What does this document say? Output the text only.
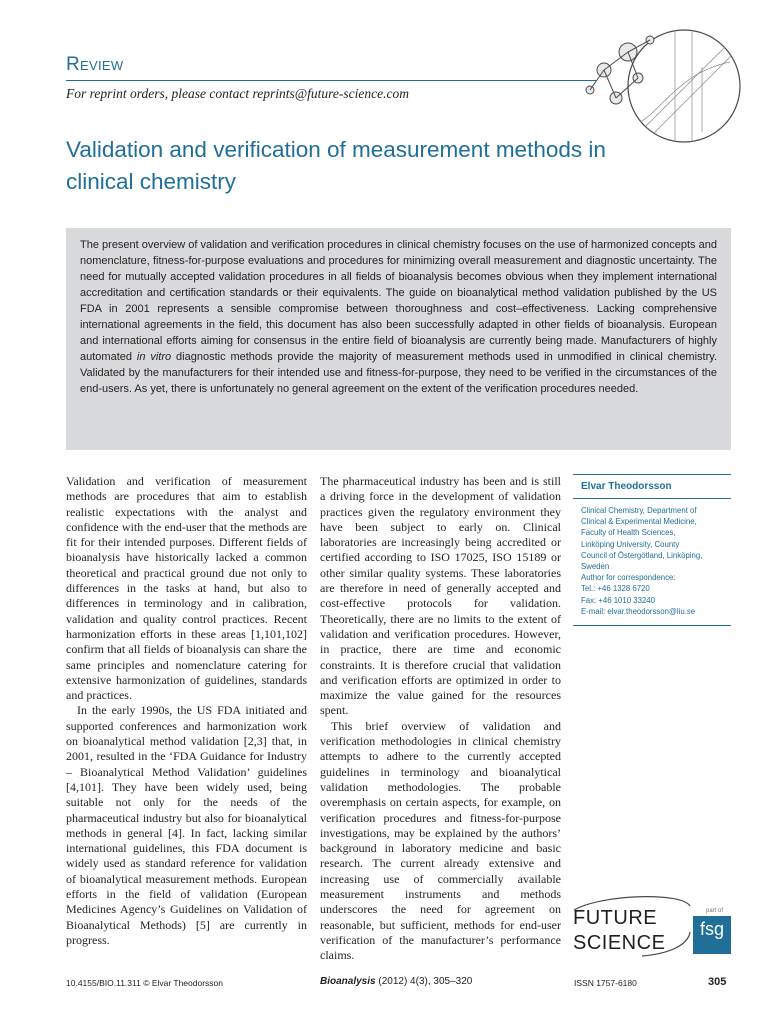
Review

For reprint orders, please contact reprints@future-science.com

Validation and verification of measurement methods in clinical chemistry

The present overview of validation and verification procedures in clinical chemistry focuses on the use of harmonized concepts and nomenclature, fitness-for-purpose evaluations and procedures for minimizing overall measurement and diagnostic uncertainty. The need for mutually accepted validation procedures in all fields of bioanalysis becomes obvious when they implement international accreditation and certification standards or their equivalents. The guide on bioanalytical method validation published by the US FDA in 2001 represents a sensible compromise between thoroughness and cost–effectiveness. Lacking comprehensive international agreements in the field, this document has also been successfully adapted in other fields of bioanalysis. European and international efforts aiming for consensus in the entire field of bioanalysis are currently being made. Manufacturers of highly automated in vitro diagnostic methods provide the majority of measurement methods used in unmodified in clinical chemistry. Validated by the manufacturers for their intended use and fitness-for-purpose, they need to be verified in the circumstances of the end-users. As yet, there is unfortunately no general agreement on the extent of the verification procedures needed.

Validation and verification of measurement methods are procedures that aim to establish realistic expectations with the analyst and confidence with the end-user that the methods are fit for their intended purposes. Different fields of bioanalysis have historically lacked a common theoretical and practical ground due not only to differences in the tasks at hand, but also to differences in terminology and in calibration, validation and quality control practices. Recent harmonization efforts in these areas [1,101,102] confirm that all fields of bioanalysis can share the same principles and nomenclature catering for extensive harmonization of guidelines, standards and practices.

In the early 1990s, the US FDA initiated and supported conferences and harmonization work on bioanalytical method validation [2,3] that, in 2001, resulted in the ‘FDA Guidance for Industry – Bioanalytical Method Validation’ guidelines [4,101]. They have been widely used, being suitable not only for the needs of the pharmaceutical industry but also for bioanalytical methods in general [4]. In fact, lacking similar international guidelines, this FDA document is widely used as standard reference for validation of bioanalytical measurement methods. European efforts in the field of validation (European Medicines Agency’s Guidelines on Validation of Bioanalytical Methods) [5] are currently in progress.

The pharmaceutical industry has been and is still a driving force in the development of validation practices given the regulatory environment they have been subject to early on. Clinical laboratories are increasingly being accredited or certified according to ISO 17025, ISO 15189 or other similar quality systems. These laboratories are therefore in need of generally accepted and cost-effective protocols for validation. Theoretically, there are no limits to the extent of validation and verification procedures. However, in practice, there are time and economic constraints. It is therefore crucial that validation and verification efforts are optimized in order to maximize the value gained for the resources spent.

This brief overview of validation and verification methodologies in clinical chemistry attempts to adhere to the currently accepted guidelines in terminology and bioanalytical validation methodologies. The probable overemphasis on certain aspects, for example, on verification procedures and fitness-for-purpose investigations, may be explained by the authors’ background in laboratory medicine and basic research. The current already extensive and increasing use of commercially available measurement instruments and methods underscores the need for agreement on reasonable, but sufficient, methods for end-user verification of the manufacturer’s performance claims.

Elvar Theodorsson
Clinical Chemistry, Department of
Clinical & Experimental Medicine,
Faculty of Health Sciences,
Linköping University, County
Council of Östergötland, Linköping,
Sweden
Author for correspondence:
Tel.: +46 1328 6720
Fax: +46 1010 33240
E-mail: elvar.theodorsson@liu.se
FUTURE
SCIENCE
part of
fsg
10.4155/BIO.11.311 © Elvar Theodorsson	Bioanalysis (2012) 4(3), 305–320	ISSN 1757-6180	305
